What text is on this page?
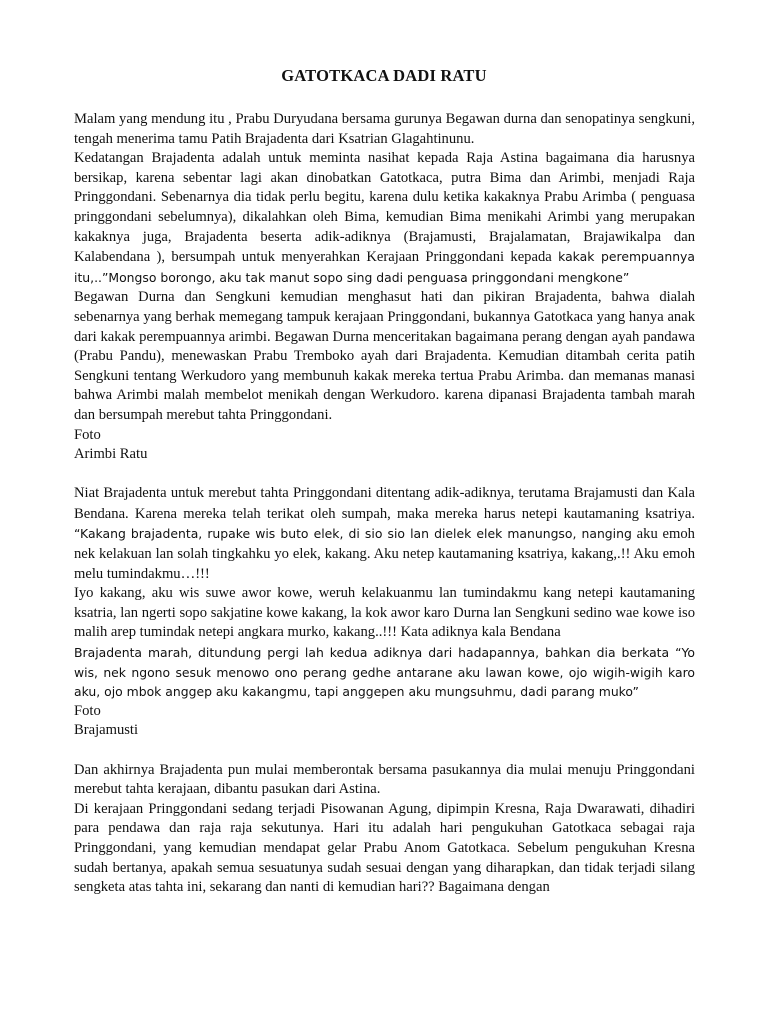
GATOTKACA DADI RATU

Malam yang mendung itu , Prabu Duryudana bersama gurunya Begawan durna dan senopatinya sengkuni, tengah menerima tamu Patih Brajadenta dari Ksatrian Glagahtinunu.

Kedatangan Brajadenta adalah untuk meminta nasihat kepada Raja Astina bagaimana dia harusnya bersikap, karena sebentar lagi akan dinobatkan Gatotkaca, putra Bima dan Arimbi, menjadi Raja Pringgondani. Sebenarnya dia tidak perlu begitu, karena dulu ketika kakaknya Prabu Arimba ( penguasa pringgondani sebelumnya), dikalahkan oleh Bima, kemudian Bima menikahi Arimbi yang merupakan kakaknya juga, Brajadenta beserta adik-adiknya (Brajamusti, Brajalamatan, Brajawikalpa dan Kalabendana ), bersumpah untuk menyerahkan Kerajaan Pringgondani kepada kakak perempuannya itu,..”Mongso borongo, aku tak manut sopo sing dadi penguasa pringgondani mengkone”

Begawan Durna dan Sengkuni kemudian menghasut hati dan pikiran Brajadenta, bahwa dialah sebenarnya yang berhak memegang tampuk kerajaan Pringgondani, bukannya Gatotkaca yang hanya anak dari kakak perempuannya arimbi. Begawan Durna menceritakan bagaimana perang dengan ayah pandawa (Prabu Pandu), menewaskan Prabu Tremboko ayah dari Brajadenta. Kemudian ditambah cerita patih Sengkuni tentang Werkudoro yang membunuh kakak mereka tertua Prabu Arimba. dan memanas manasi bahwa Arimbi malah membelot menikah dengan Werkudoro. karena dipanasi Brajadenta tambah marah dan bersumpah merebut tahta Pringgondani.

Foto

Arimbi Ratu

Niat Brajadenta untuk merebut tahta Pringgondani ditentang adik-adiknya, terutama Brajamusti dan Kala Bendana. Karena mereka telah terikat oleh sumpah, maka mereka harus netepi kautamaning ksatriya. “Kakang brajadenta, rupake wis buto elek, di sio sio lan dielek elek manungso, nanging aku emoh nek kelakuan lan solah tingkahku yo elek, kakang. Aku netep kautamaning ksatriya, kakang,.!! Aku emoh melu tumindakmu…!!!

Iyo kakang, aku wis suwe awor kowe, weruh kelakuanmu lan tumindakmu kang netepi kautamaning ksatria, lan ngerti sopo sakjatine kowe kakang, la kok awor karo Durna lan Sengkuni sedino wae kowe iso malih arep tumindak netepi angkara murko, kakang..!!! Kata adiknya kala Bendana

Brajadenta marah, ditundung pergi lah kedua adiknya dari hadapannya, bahkan dia berkata “Yo wis, nek ngono sesuk menowo ono perang gedhe antarane aku lawan kowe, ojo wigih-wigih karo aku, ojo mbok anggep aku kakangmu, tapi anggepen aku mungsuhmu, dadi parang muko”

Foto

Brajamusti

Dan akhirnya Brajadenta pun mulai memberontak bersama pasukannya dia mulai menuju Pringgondani merebut tahta kerajaan, dibantu pasukan dari Astina.

Di kerajaan Pringgondani sedang terjadi Pisowanan Agung, dipimpin Kresna, Raja Dwarawati, dihadiri para pendawa dan raja raja sekutunya. Hari itu adalah hari pengukuhan Gatotkaca sebagai raja Pringgondani, yang kemudian mendapat gelar Prabu Anom Gatotkaca. Sebelum pengukuhan Kresna sudah bertanya, apakah semua sesuatunya sudah sesuai dengan yang diharapkan, dan tidak terjadi silang sengketa atas tahta ini, sekarang dan nanti di kemudian hari?? Bagaimana dengan
